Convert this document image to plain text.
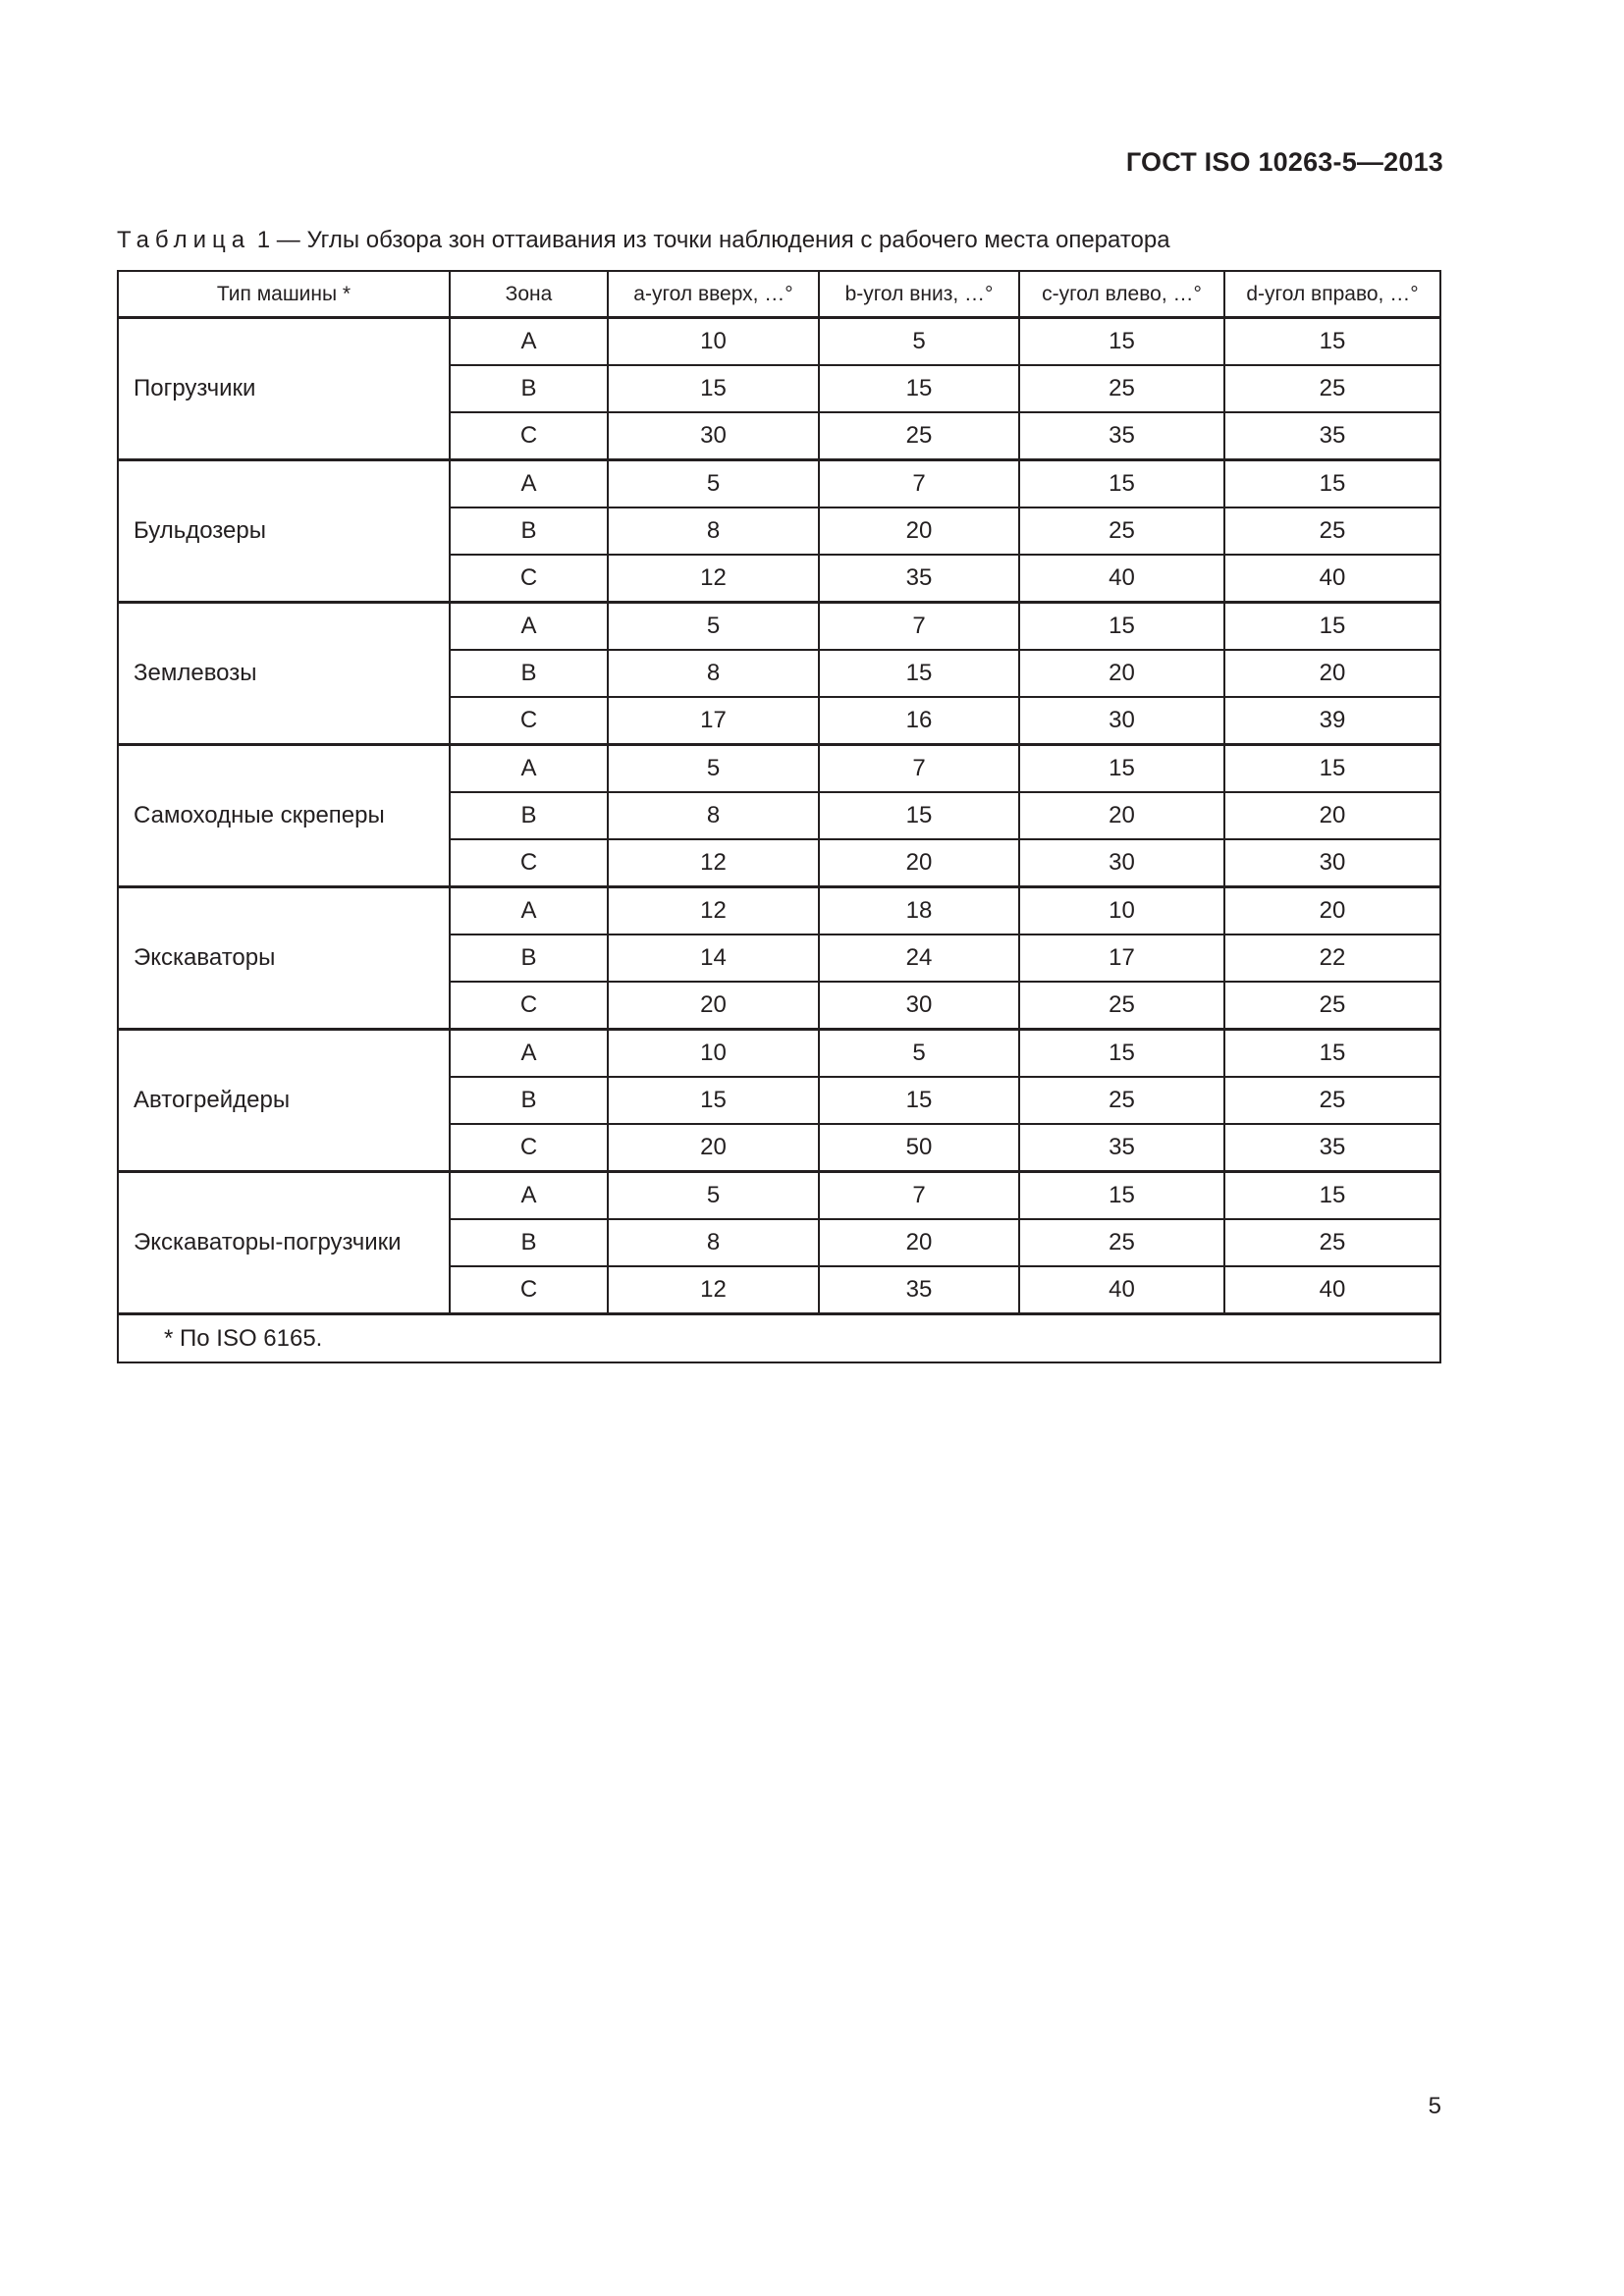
ГОСТ ISO 10263-5—2013
Таблица 1 — Углы обзора зон оттаивания из точки наблюдения с рабочего места оператора
Тип машины *	Зона	a-угол вверх, …°	b-угол вниз, …°	c-угол влево, …°	d-угол вправо, …°
Погрузчики	A	10	5	15	15
	B	15	15	25	25
	C	30	25	35	35
Бульдозеры	A	5	7	15	15
	B	8	20	25	25
	C	12	35	40	40
Землевозы	A	5	7	15	15
	B	8	15	20	20
	C	17	16	30	39
Самоходные скреперы	A	5	7	15	15
	B	8	15	20	20
	C	12	20	30	30
Экскаваторы	A	12	18	10	20
	B	14	24	17	22
	C	20	30	25	25
Автогрейдеры	A	10	5	15	15
	B	15	15	25	25
	C	20	50	35	35
Экскаваторы-погрузчики	A	5	7	15	15
	B	8	20	25	25
	C	12	35	40	40
* По ISO 6165.					
5
